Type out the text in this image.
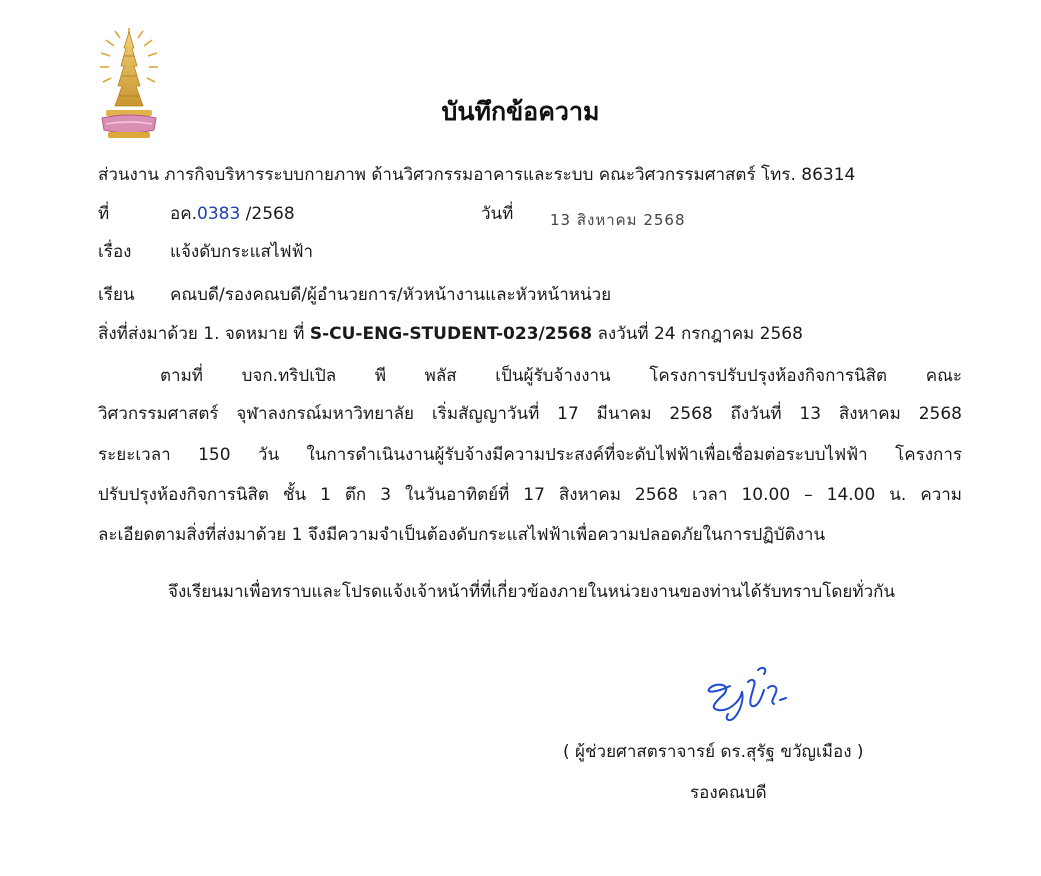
บันทึกข้อความ
ส่วนงาน ภารกิจบริหารระบบกายภาพ ด้านวิศวกรรมอาคารและระบบ คณะวิศวกรรมศาสตร์ โทร. 86314
ที่	อค.0383 /2568	วันที่ 13 สิงหาคม 2568
เรื่อง แจ้งดับกระแสไฟฟ้า
เรียน คณบดี/รองคณบดี/ผู้อำนวยการ/หัวหน้างานและหัวหน้าหน่วย
สิ่งที่ส่งมาด้วย 1. จดหมาย ที่ S-CU-ENG-STUDENT-023/2568 ลงวันที่ 24 กรกฎาคม 2568
ตามที่ บจก.ทริปเปิล พี พลัส เป็นผู้รับจ้างงาน โครงการปรับปรุงห้องกิจการนิสิต คณะ
วิศวกรรมศาสตร์ จุฬาลงกรณ์มหาวิทยาลัย เริ่มสัญญาวันที่ 17 มีนาคม 2568 ถึงวันที่ 13 สิงหาคม 2568
ระยะเวลา 150 วัน ในการดำเนินงานผู้รับจ้างมีความประสงค์ที่จะดับไฟฟ้าเพื่อเชื่อมต่อระบบไฟฟ้า โครงการ
ปรับปรุงห้องกิจการนิสิต ชั้น 1 ตึก 3 ในวันอาทิตย์ที่ 17 สิงหาคม 2568 เวลา 10.00 – 14.00 น. ความ
ละเอียดตามสิ่งที่ส่งมาด้วย 1 จึงมีความจำเป็นต้องดับกระแสไฟฟ้าเพื่อความปลอดภัยในการปฏิบัติงาน
จึงเรียนมาเพื่อทราบและโปรดแจ้งเจ้าหน้าที่ที่เกี่ยวข้องภายในหน่วยงานของท่านได้รับทราบโดยทั่วกัน
( ผู้ช่วยศาสตราจารย์ ดร.สุรัฐ ขวัญเมือง )
รองคณบดี
